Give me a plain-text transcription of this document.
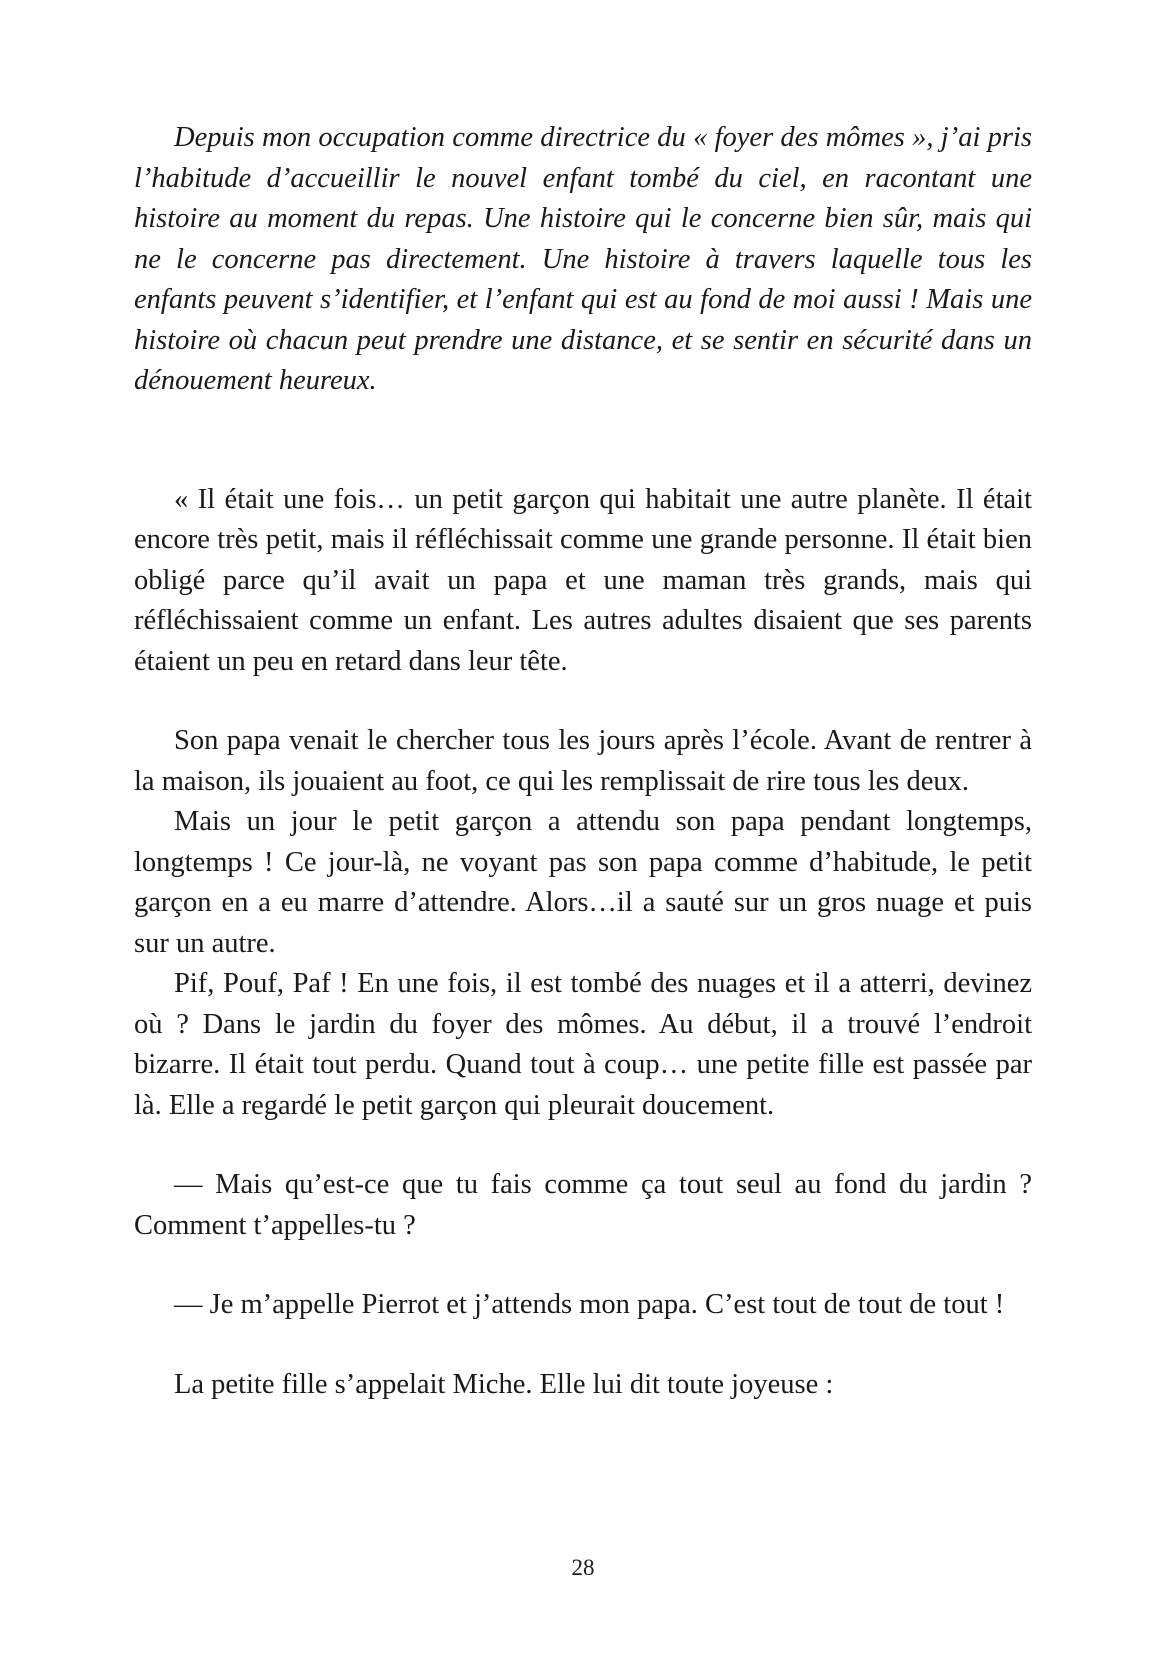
Depuis mon occupation comme directrice du « foyer des mômes », j’ai pris l’habitude d’accueillir le nouvel enfant tombé du ciel, en racontant une histoire au moment du repas. Une histoire qui le concerne bien sûr, mais qui ne le concerne pas directement. Une histoire à travers laquelle tous les enfants peuvent s’identifier, et l’enfant qui est au fond de moi aussi ! Mais une histoire où chacun peut prendre une distance, et se sentir en sécurité dans un dénouement heureux.

« Il était une fois… un petit garçon qui habitait une autre planète. Il était encore très petit, mais il réfléchissait comme une grande personne. Il était bien obligé parce qu’il avait un papa et une maman très grands, mais qui réfléchissaient comme un enfant. Les autres adultes disaient que ses parents étaient un peu en retard dans leur tête.

Son papa venait le chercher tous les jours après l’école. Avant de rentrer à la maison, ils jouaient au foot, ce qui les remplissait de rire tous les deux.

Mais un jour le petit garçon a attendu son papa pendant longtemps, longtemps ! Ce jour-là, ne voyant pas son papa comme d’habitude, le petit garçon en a eu marre d’attendre. Alors…il a sauté sur un gros nuage et puis sur un autre.

Pif, Pouf, Paf ! En une fois, il est tombé des nuages et il a atterri, devinez où ? Dans le jardin du foyer des mômes. Au début, il a trouvé l’endroit bizarre. Il était tout perdu. Quand tout à coup… une petite fille est passée par là. Elle a regardé le petit garçon qui pleurait doucement.

— Mais qu’est-ce que tu fais comme ça tout seul au fond du jardin ? Comment t’appelles-tu ?

— Je m’appelle Pierrot et j’attends mon papa. C’est tout de tout de tout !

La petite fille s’appelait Miche. Elle lui dit toute joyeuse :

28
